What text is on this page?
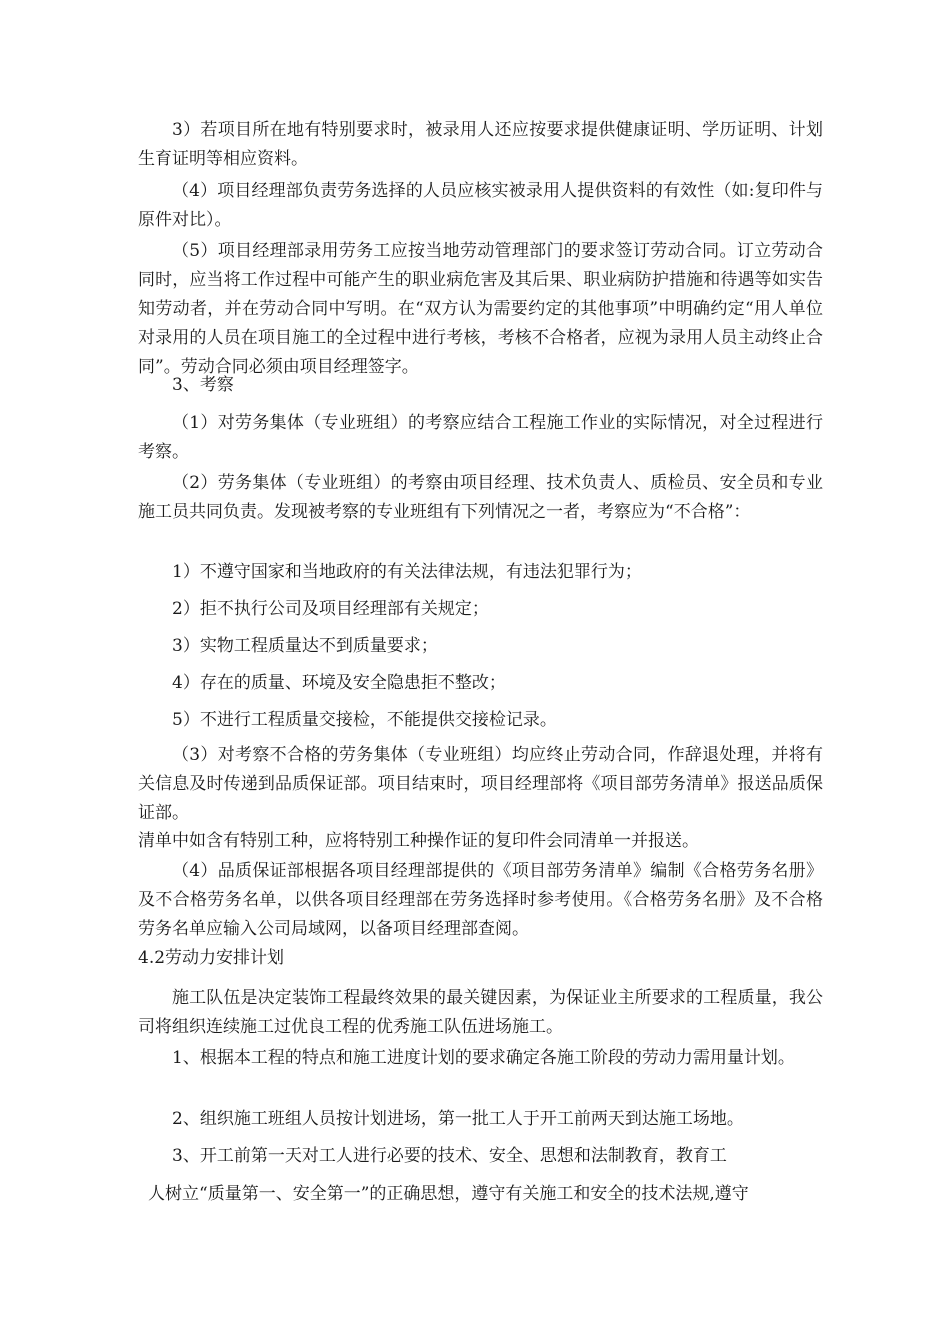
3）若项目所在地有特别要求时，被录用人还应按要求提供健康证明、学历证明、计划生育证明等相应资料。

（4）项目经理部负责劳务选择的人员应核实被录用人提供资料的有效性（如:复印件与原件对比）。

（5）项目经理部录用劳务工应按当地劳动管理部门的要求签订劳动合同。订立劳动合同时，应当将工作过程中可能产生的职业病危害及其后果、职业病防护措施和待遇等如实告知劳动者，并在劳动合同中写明。在“双方认为需要约定的其他事项”中明确约定“用人单位对录用的人员在项目施工的全过程中进行考核，考核不合格者，应视为录用人员主动终止合同”。劳动合同必须由项目经理签字。

3、考察

（1）对劳务集体（专业班组）的考察应结合工程施工作业的实际情况，对全过程进行考察。

（2）劳务集体（专业班组）的考察由项目经理、技术负责人、质检员、安全员和专业施工员共同负责。发现被考察的专业班组有下列情况之一者，考察应为“不合格”：

1）不遵守国家和当地政府的有关法律法规，有违法犯罪行为；

2）拒不执行公司及项目经理部有关规定；

3）实物工程质量达不到质量要求；

4）存在的质量、环境及安全隐患拒不整改；

5）不进行工程质量交接检，不能提供交接检记录。

（3）对考察不合格的劳务集体（专业班组）均应终止劳动合同，作辞退处理，并将有关信息及时传递到品质保证部。项目结束时，项目经理部将《项目部劳务清单》报送品质保证部。

清单中如含有特别工种，应将特别工种操作证的复印件会同清单一并报送。

（4）品质保证部根据各项目经理部提供的《项目部劳务清单》编制《合格劳务名册》及不合格劳务名单，以供各项目经理部在劳务选择时参考使用。《合格劳务名册》及不合格劳务名单应输入公司局域网，以备项目经理部查阅。

4.2劳动力安排计划

施工队伍是决定装饰工程最终效果的最关键因素，为保证业主所要求的工程质量，我公司将组织连续施工过优良工程的优秀施工队伍进场施工。

1、根据本工程的特点和施工进度计划的要求确定各施工阶段的劳动力需用量计划。

2、组织施工班组人员按计划进场，第一批工人于开工前两天到达施工场地。

3、开工前第一天对工人进行必要的技术、安全、思想和法制教育，教育工

人树立“质量第一、安全第一”的正确思想，遵守有关施工和安全的技术法规,遵守
